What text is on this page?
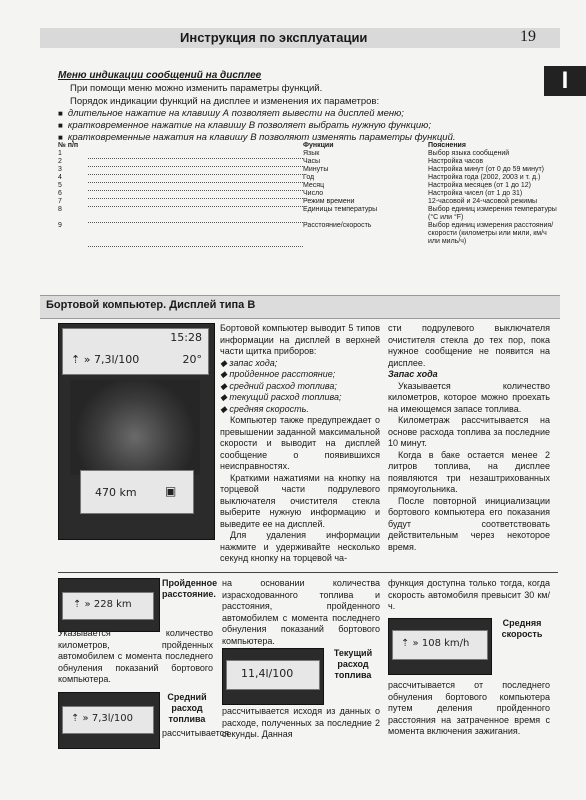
Инструкция по эксплуатации	19
I
Меню индикации сообщений на дисплее
При помощи меню можно изменить параметры функций.
Порядок индикации функций на дисплее и изменения их параметров:
■ длительное нажатие на клавишу А позволяет вывести на дисплей меню;
■ кратковременное нажатие на клавишу B позволяет выбрать нужную функцию;
■ кратковременные нажатия на клавишу B позволяют изменять параметры функций.
№ п/п		Функции	Пояснения
1		Язык	Выбор языка сообщений
2		Часы	Настройка часов
3		Минуты	Настройка минут (от 0 до 59 минут)
4		Год	Настройка года (2002, 2003 и т. д.)
5		Месяц	Настройка месяцев (от 1 до 12)
6		Число	Настройка чисел (от 1 до 31)
7		Режим времени	12-часовой и 24-часовой режимы
8		Единицы температуры	Выбор единиц измерения температуры (°С или °F)
9		Расстояние/скорость	Выбор единиц измерения расстояния/скорости (километры или мили, км/ч или миль/ч)
Бортовой компьютер. Дисплей типа B
15:28
⇡ » 7,3l/100	20°
470 km ▣
Бортовой компьютер выводит 5 типов информации на дисплей в верхней части щитка приборов:
◆ запас хода;
◆ пройденное расстояние;
◆ средний расход топлива;
◆ текущий расход топлива;
◆ средняя скорость.
Компьютер также предупреждает о превышении заданной максимальной скорости и выводит на дисплей сообщение о появившихся неисправностях.
Краткими нажатиями на кнопку на торцевой части подрулевого выключателя очистителя стекла выберите нужную информацию и выведите ее на дисплей.
Для удаления информации нажмите и удерживайте несколько секунд кнопку на торцевой ча-
сти подрулевого выключателя очистителя стекла до тех пор, пока нужное сообщение не появится на дисплее.
Запас хода
Указывается количество километров, которое можно проехать на имеющемся запасе топлива.
Километраж рассчитывается на основе расхода топлива за последние 10 минут.
Когда в баке остается менее 2 литров топлива, на дисплее появляются три незаштрихованных прямоугольника.
После повторной инициализации бортового компьютера его показания будут соответствовать действительным через некоторое время.
⇡ » 228 km
Пройденное расстояние.
Указывается количество километров, пройденных автомобилем с момента последнего обнуления показаний бортового компьютера.
⇡ » 7,3l/100
Средний расход топлива
рассчитывается
на основании количества израсходованного топлива и расстояния, пройденного автомобилем с момента последнего обнуления показаний бортового компьютера.
11,4l/100
Текущий расход топлива
рассчитывается исходя из данных о расходе, полученных за последние 2 секунды. Данная
функция доступна только тогда, когда скорость автомобиля превысит 30 км/ч.
⇡ » 108 km/h
Средняя скорость
рассчитывается от последнего обнуления бортового компьютера путем деления пройденного расстояния на затраченное время с момента включения зажигания.
